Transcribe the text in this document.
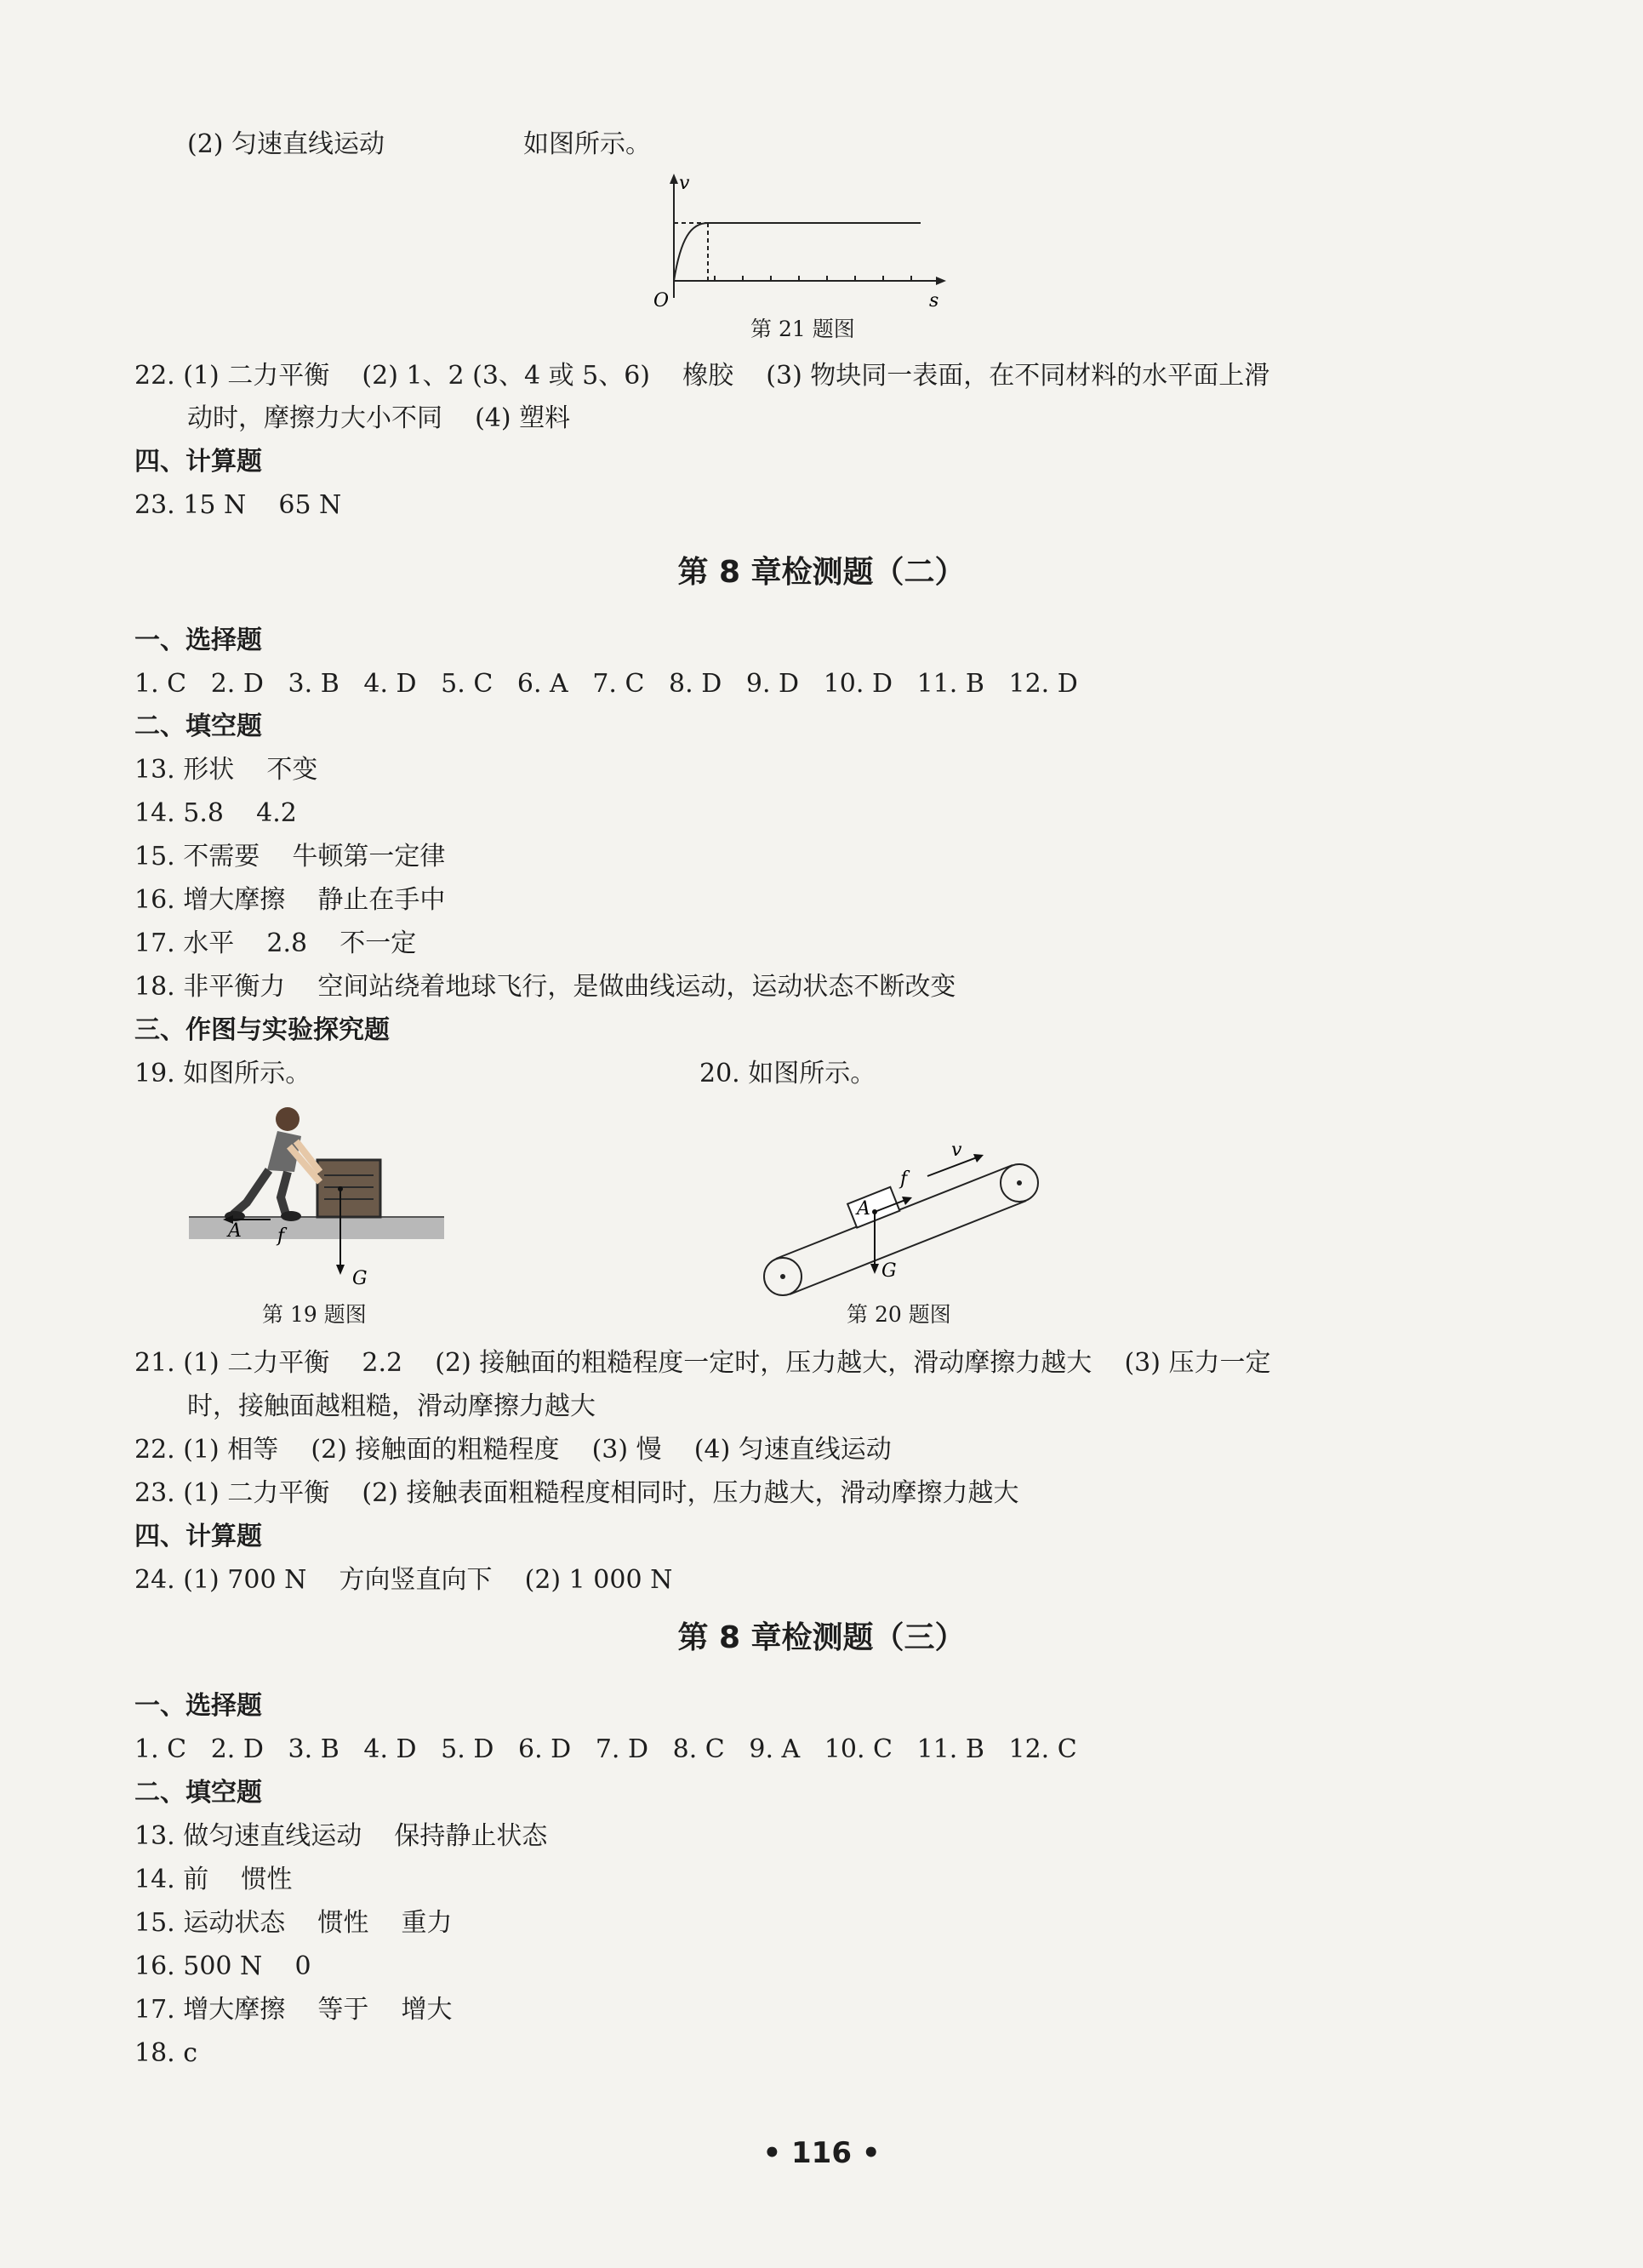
(2) 匀速直线运动	如图所示。
v
O	s
第 21 题图
22. (1) 二力平衡    (2) 1、2 (3、4 或 5、6)    橡胶    (3) 物块同一表面，在不同材料的水平面上滑
动时，摩擦力大小不同    (4) 塑料
四、计算题
23. 15 N    65 N
第 8 章检测题（二）
一、选择题
1. C   2. D   3. B   4. D   5. C   6. A   7. C   8. D   9. D   10. D   11. B   12. D
二、填空题
13. 形状    不变
14. 5.8    4.2
15. 不需要    牛顿第一定律
16. 增大摩擦    静止在手中
17. 水平    2.8    不一定
18. 非平衡力    空间站绕着地球飞行，是做曲线运动，运动状态不断改变
三、作图与实验探究题
19. 如图所示。	20. 如图所示。
A f
G
第 19 题图
A
f
v
G
第 20 题图
21. (1) 二力平衡    2.2    (2) 接触面的粗糙程度一定时，压力越大，滑动摩擦力越大    (3) 压力一定
时，接触面越粗糙，滑动摩擦力越大
22. (1) 相等    (2) 接触面的粗糙程度    (3) 慢    (4) 匀速直线运动
23. (1) 二力平衡    (2) 接触表面粗糙程度相同时，压力越大，滑动摩擦力越大
四、计算题
24. (1) 700 N    方向竖直向下    (2) 1 000 N
第 8 章检测题（三）
一、选择题
1. C   2. D   3. B   4. D   5. D   6. D   7. D   8. C   9. A   10. C   11. B   12. C
二、填空题
13. 做匀速直线运动    保持静止状态
14. 前    惯性
15. 运动状态    惯性    重力
16. 500 N    0
17. 增大摩擦    等于    增大
18. c
• 116 •
